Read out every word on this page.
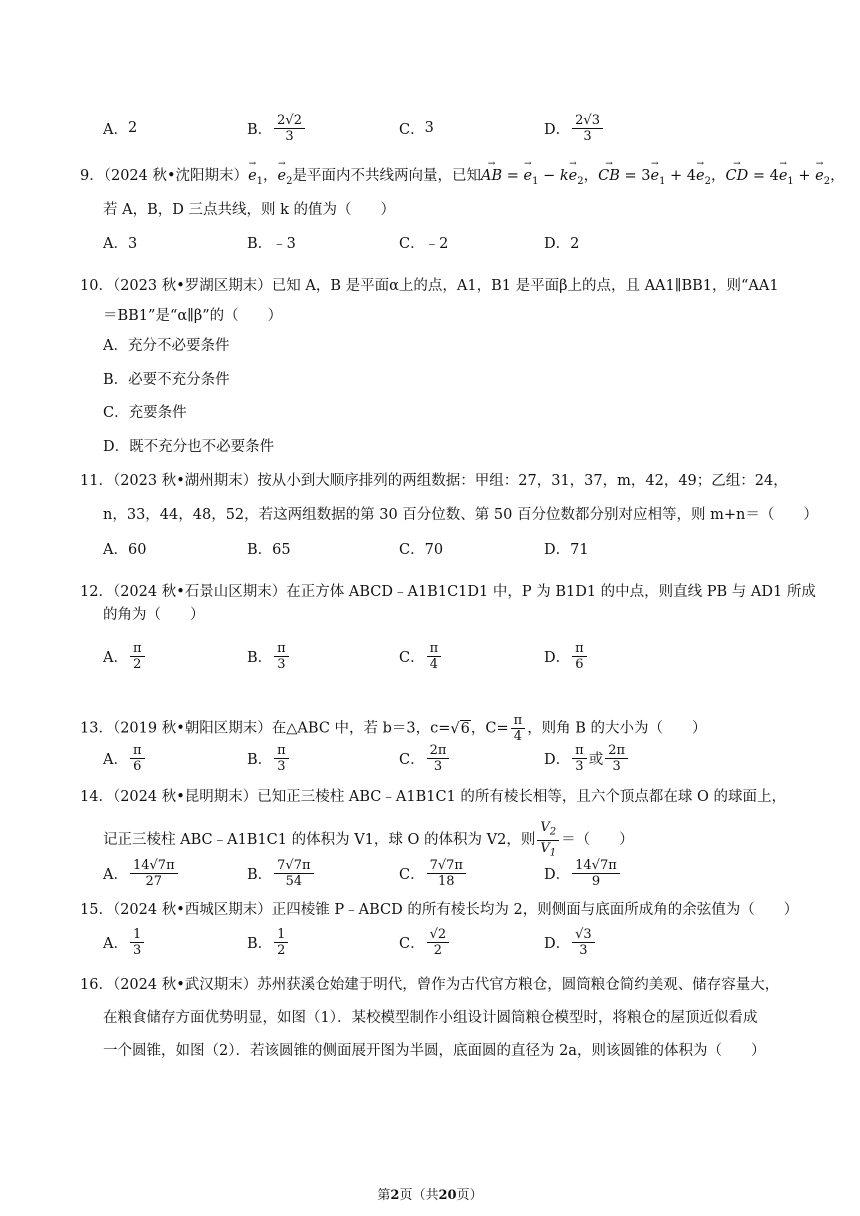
A． 2	B． $\frac{2√2}{3}$	C． 3	D． $\frac{2√3}{3}$
9．（2024 秋•沈阳期末）→ $e_1$，→ $e_2$是平面内不共线两向量，已知→ AB = → $e_1 - k\to e_2$，→ CB = $3\to e_1 + 4\to e_2$，→ CD = $4\to e_1$ + → $e_2$，
若 A，B，D 三点共线，则 k 的值为（　　）
A．3	B．﹣3	C．﹣2	D．2
10．（2023 秋•罗湖区期末）已知 A，B 是平面α上的点，A1，B1 是平面β上的点，且 AA1∥BB1，则“AA1
＝BB1”是“α∥β”的（　　）
A．充分不必要条件
B．必要不充分条件
C．充要条件
D．既不充分也不必要条件
11．（2023 秋•湖州期末）按从小到大顺序排列的两组数据：甲组：27，31，37，m，42，49；乙组：24，
n，33，44，48，52，若这两组数据的第 30 百分位数、第 50 百分位数都分别对应相等，则 m+n＝（　　）
A．60	B．65	C．70	D．71
12．（2024 秋•石景山区期末）在正方体 ABCD﹣A1B1C1D1 中，P 为 B1D1 的中点，则直线 PB 与 AD1 所成
的角为（　　）
A． $\frac{\pi}{2}$	B． $\frac{\pi}{3}$	C． $\frac{\pi}{4}$	D． $\frac{\pi}{6}$
13．（2019 秋•朝阳区期末）在△ABC 中，若 b＝3，c=√6，$C= \frac{\pi}{4}$ ，则角 B 的大小为（　　）
A． $\frac{\pi}{6}$	B． $\frac{\pi}{3}$	C． $\frac{2\pi}{3}$	D． $\frac{\pi}{3}$ 或 $\frac{2\pi}{3}$
14．（2024 秋•昆明期末）已知正三棱柱 ABC﹣A1B1C1 的所有棱长相等，且六个顶点都在球 O 的球面上，
记正三棱柱 ABC﹣A1B1C1 的体积为 V1，球 O 的体积为 V2，则 $\frac{V_2}{V_1}$ ＝（　　）
A． $\frac{14√7\pi}{27}$	B． $\frac{7√7\pi}{54}$	C． $\frac{7√7\pi}{18}$	D． $\frac{14√7\pi}{9}$
15．（2024 秋•西城区期末）正四棱锥 P﹣ABCD 的所有棱长均为 2，则侧面与底面所成角的余弦值为（　　）
A． $\frac{1}{3}$	B． $\frac{1}{2}$	C． $\frac{√2}{2}$	D． $\frac{√3}{3}$
16．（2024 秋•武汉期末）苏州获溪仓始建于明代，曾作为古代官方粮仓，圆筒粮仓简约美观、储存容量大，
在粮食储存方面优势明显，如图（1）．某校模型制作小组设计圆筒粮仓模型时，将粮仓的屋顶近似看成
一个圆锥，如图（2）．若该圆锥的侧面展开图为半圆，底面圆的直径为 2a，则该圆锥的体积为（　　）
第2页（共20页）
